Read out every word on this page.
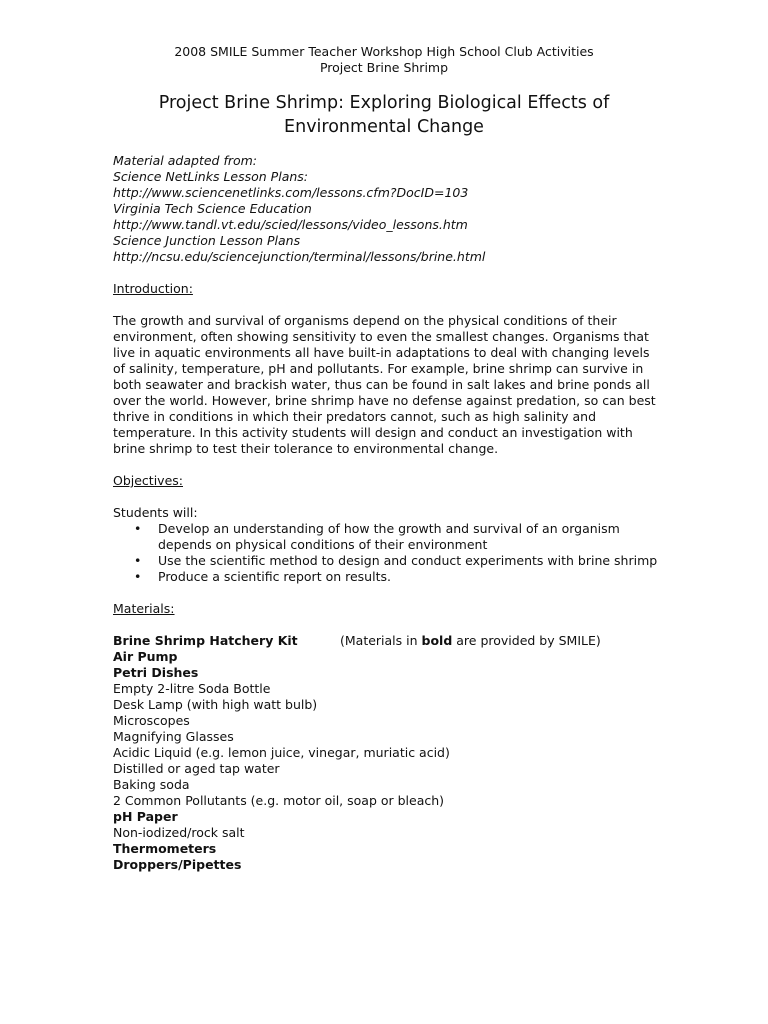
2008 SMILE Summer Teacher Workshop High School Club Activities
Project Brine Shrimp
Project Brine Shrimp: Exploring Biological Effects of
Environmental Change
Material adapted from:
Science NetLinks Lesson Plans:
http://www.sciencenetlinks.com/lessons.cfm?DocID=103
Virginia Tech Science Education
http://www.tandl.vt.edu/scied/lessons/video_lessons.htm
Science Junction Lesson Plans
http://ncsu.edu/sciencejunction/terminal/lessons/brine.html
Introduction:
The growth and survival of organisms depend on the physical conditions of their
environment, often showing sensitivity to even the smallest changes. Organisms that
live in aquatic environments all have built-in adaptations to deal with changing levels
of salinity, temperature, pH and pollutants. For example, brine shrimp can survive in
both seawater and brackish water, thus can be found in salt lakes and brine ponds all
over the world. However, brine shrimp have no defense against predation, so can best
thrive in conditions in which their predators cannot, such as high salinity and
temperature. In this activity students will design and conduct an investigation with
brine shrimp to test their tolerance to environmental change.
Objectives:
Students will:
• Develop an understanding of how the growth and survival of an organism
depends on physical conditions of their environment
• Use the scientific method to design and conduct experiments with brine shrimp
• Produce a scientific report on results.
Materials:
Brine Shrimp Hatchery Kit	(Materials in bold are provided by SMILE)
Air Pump
Petri Dishes
Empty 2-litre Soda Bottle
Desk Lamp (with high watt bulb)
Microscopes
Magnifying Glasses
Acidic Liquid (e.g. lemon juice, vinegar, muriatic acid)
Distilled or aged tap water
Baking soda
2 Common Pollutants (e.g. motor oil, soap or bleach)
pH Paper
Non-iodized/rock salt
Thermometers
Droppers/Pipettes
